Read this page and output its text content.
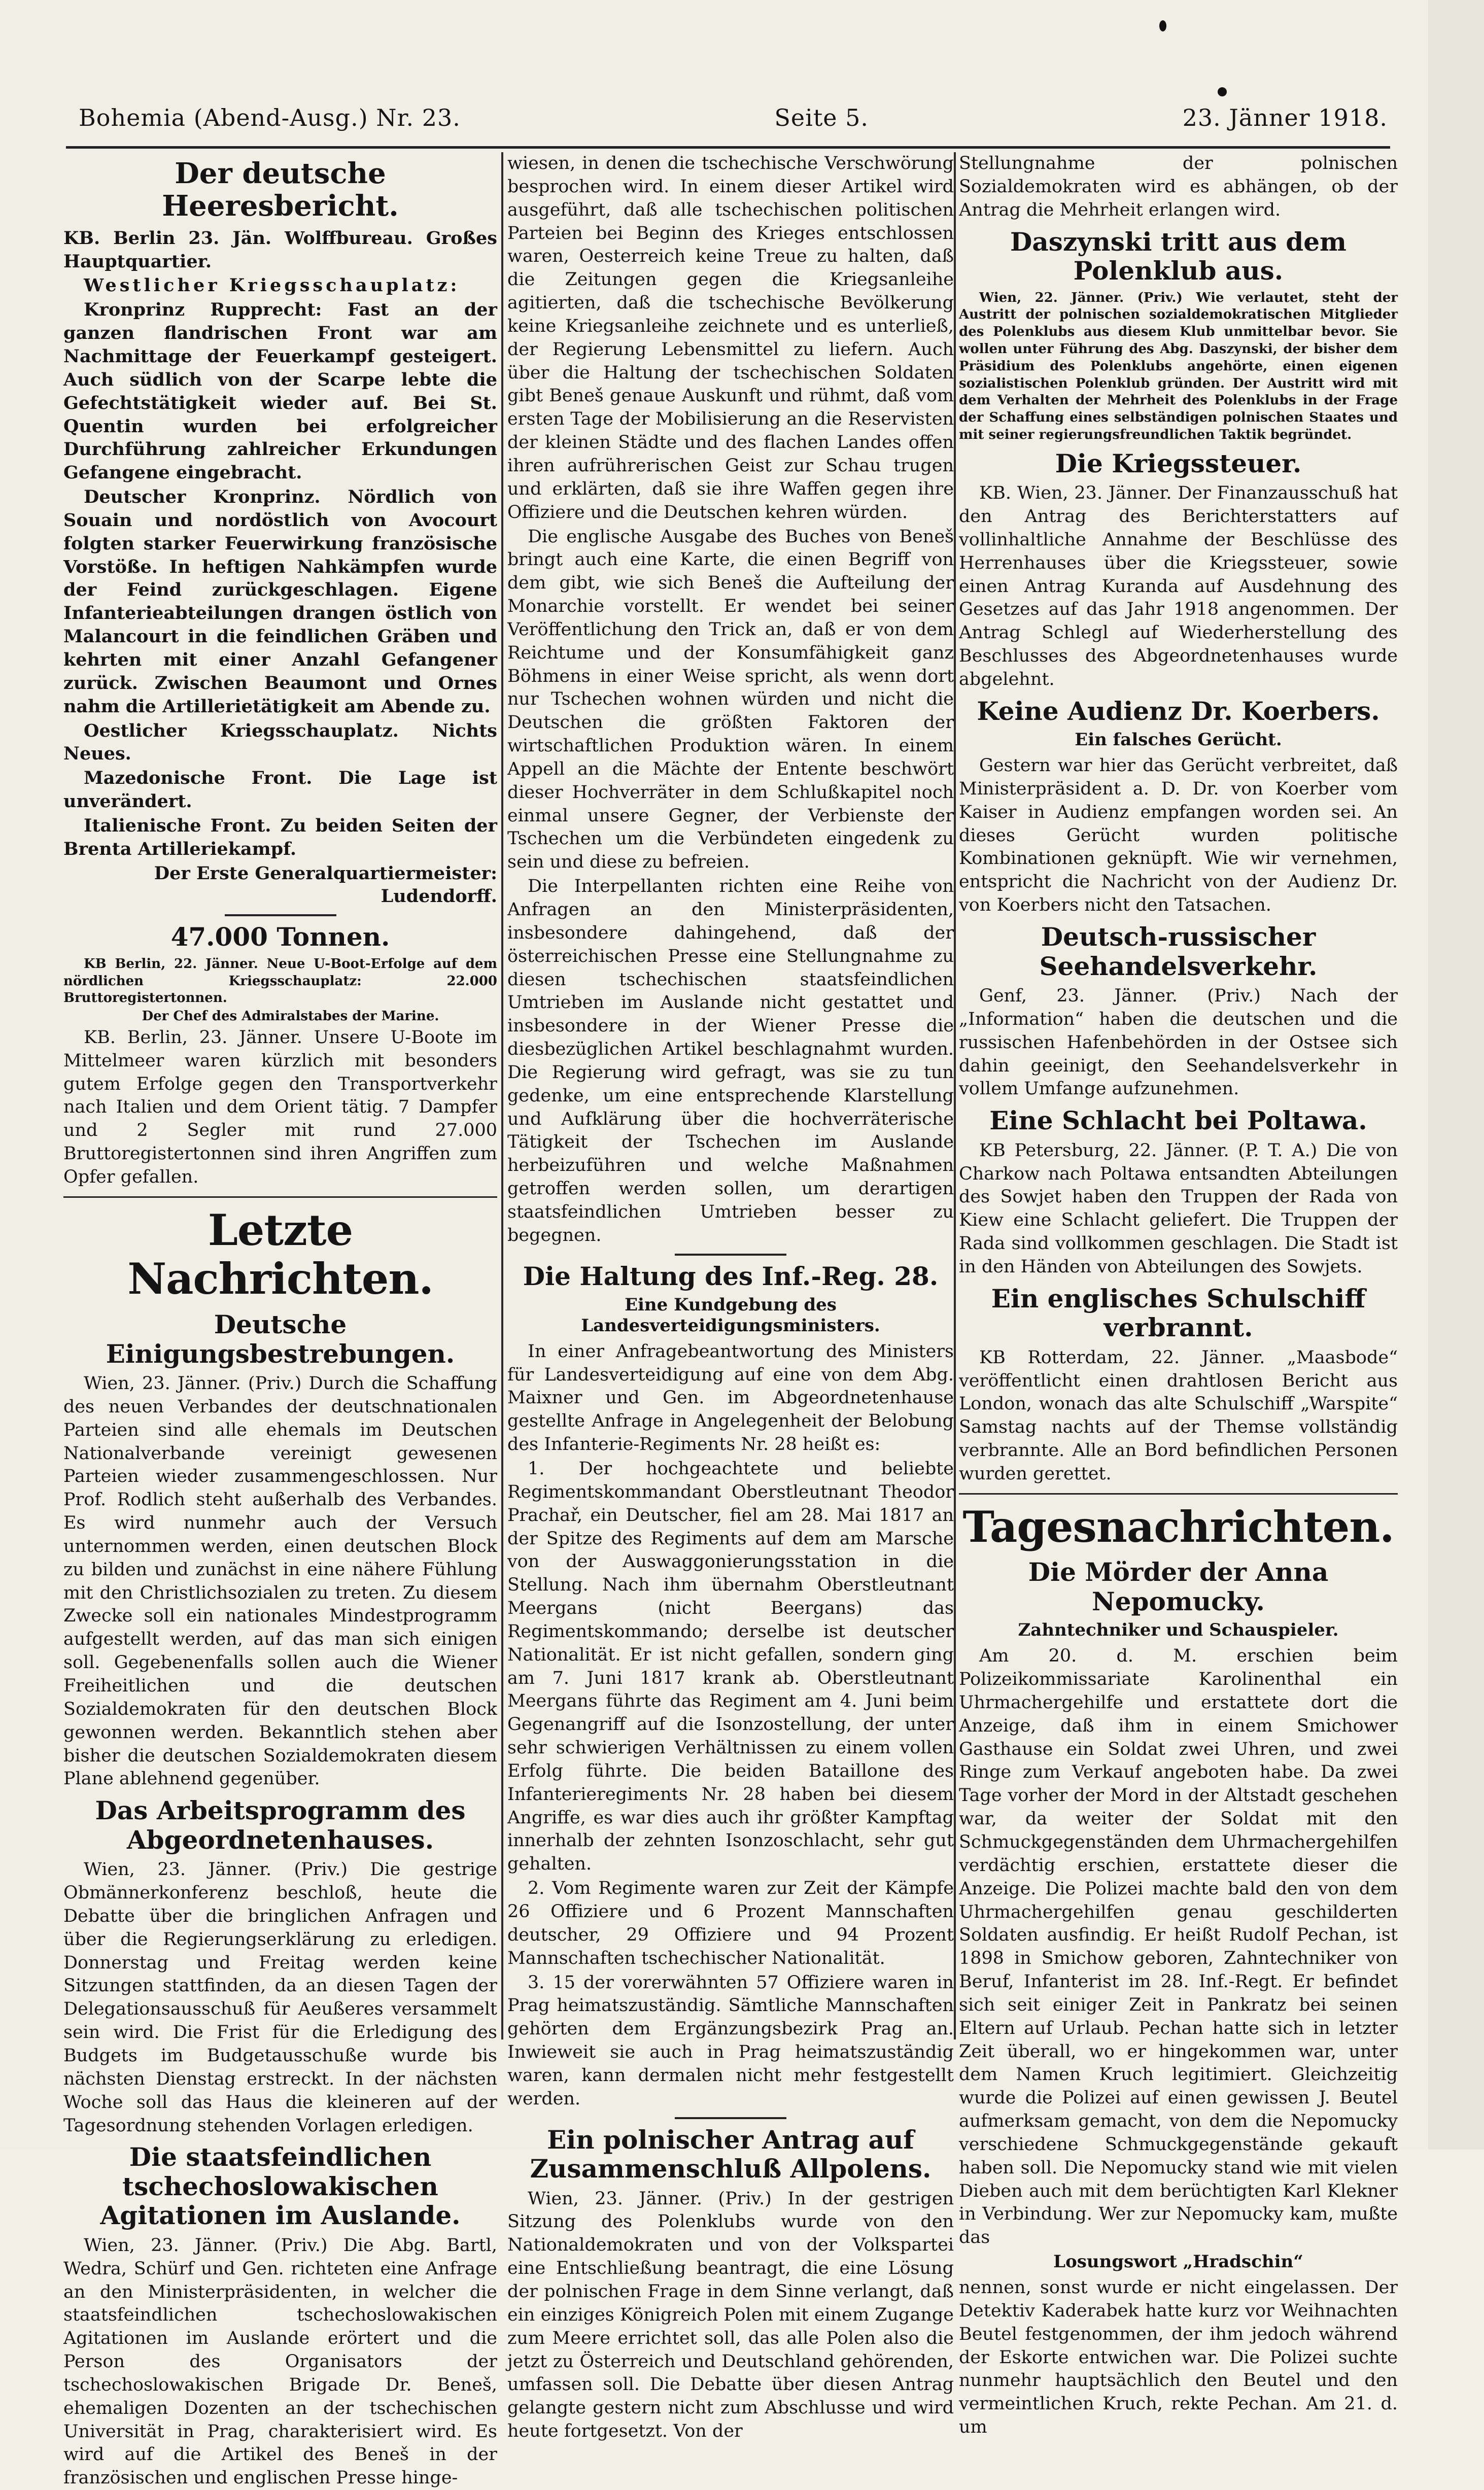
Bohemia (Abend-Ausg.) Nr. 23.	Seite 5.	23. Jänner 1918.
Der deutsche Heeresbericht.

KB. Berlin 23. Jän. Wolffbureau. Großes Hauptquartier.

Westlicher Kriegsschauplatz:

Kronprinz Rupprecht: Fast an der ganzen flandrischen Front war am Nachmittage der Feuerkampf gesteigert. Auch südlich von der Scarpe lebte die Gefechtstätigkeit wieder auf. Bei St. Quentin wurden bei erfolgreicher Durchführung zahlreicher Erkundungen Gefangene eingebracht.

Deutscher Kronprinz. Nördlich von Souain und nordöstlich von Avocourt folgten starker Feuerwirkung französische Vorstöße. In heftigen Nahkämpfen wurde der Feind zurückgeschlagen. Eigene Infanterieabteilungen drangen östlich von Malancourt in die feindlichen Gräben und kehrten mit einer Anzahl Gefangener zurück. Zwischen Beaumont und Ornes nahm die Artillerietätigkeit am Abende zu.

Oestlicher Kriegsschauplatz. Nichts Neues.

Mazedonische Front. Die Lage ist unverändert.

Italienische Front. Zu beiden Seiten der Brenta Artilleriekampf.

Der Erste Generalquartiermeister: Ludendorff.

47.000 Tonnen.

KB Berlin, 22. Jänner. Neue U-Boot-Erfolge auf dem nördlichen Kriegsschauplatz: 22.000 Bruttoregistertonnen.

Der Chef des Admiralstabes der Marine.

KB. Berlin, 23. Jänner. Unsere U-Boote im Mittelmeer waren kürzlich mit besonders gutem Erfolge gegen den Transportverkehr nach Italien und dem Orient tätig. 7 Dampfer und 2 Segler mit rund 27.000 Bruttoregistertonnen sind ihren Angriffen zum Opfer gefallen.

Letzte Nachrichten.
Deutsche Einigungsbestrebungen.

Wien, 23. Jänner. (Priv.) Durch die Schaffung des neuen Verbandes der deutschnationalen Parteien sind alle ehemals im Deutschen Nationalverbande vereinigt gewesenen Parteien wieder zusammengeschlossen. Nur Prof. Rodlich steht außerhalb des Verbandes. Es wird nunmehr auch der Versuch unternommen werden, einen deutschen Block zu bilden und zunächst in eine nähere Fühlung mit den Christlichsozialen zu treten. Zu diesem Zwecke soll ein nationales Mindestprogramm aufgestellt werden, auf das man sich einigen soll. Gegebenenfalls sollen auch die Wiener Freiheitlichen und die deutschen Sozialdemokraten für den deutschen Block gewonnen werden. Bekanntlich stehen aber bisher die deutschen Sozialdemokraten diesem Plane ablehnend gegenüber.

Das Arbeitsprogramm des Abgeordnetenhauses.

Wien, 23. Jänner. (Priv.) Die gestrige Obmännerkonferenz beschloß, heute die Debatte über die bringlichen Anfragen und über die Regierungserklärung zu erledigen. Donnerstag und Freitag werden keine Sitzungen stattfinden, da an diesen Tagen der Delegationsausschuß für Aeußeres versammelt sein wird. Die Frist für die Erledigung des Budgets im Budgetausschuße wurde bis nächsten Dienstag erstreckt. In der nächsten Woche soll das Haus die kleineren auf der Tagesordnung stehenden Vorlagen erledigen.

Die staatsfeindlichen tschechoslowakischen Agitationen im Auslande.

Wien, 23. Jänner. (Priv.) Die Abg. Bartl, Wedra, Schürf und Gen. richteten eine Anfrage an den Ministerpräsidenten, in welcher die staatsfeindlichen tschechoslowakischen Agitationen im Auslande erörtert und die Person des Organisators der tschechoslowakischen Brigade Dr. Beneš, ehemaligen Dozenten an der tschechischen Universität in Prag, charakterisiert wird. Es wird auf die Artikel des Beneš in der französischen und englischen Presse hinge-

wiesen, in denen die tschechische Verschwörung besprochen wird. In einem dieser Artikel wird ausgeführt, daß alle tschechischen politischen Parteien bei Beginn des Krieges entschlossen waren, Oesterreich keine Treue zu halten, daß die Zeitungen gegen die Kriegsanleihe agitierten, daß die tschechische Bevölkerung keine Kriegsanleihe zeichnete und es unterließ, der Regierung Lebensmittel zu liefern. Auch über die Haltung der tschechischen Soldaten gibt Beneš genaue Auskunft und rühmt, daß vom ersten Tage der Mobilisierung an die Reservisten der kleinen Städte und des flachen Landes offen ihren aufrührerischen Geist zur Schau trugen und erklärten, daß sie ihre Waffen gegen ihre Offiziere und die Deutschen kehren würden.

Die englische Ausgabe des Buches von Beneš bringt auch eine Karte, die einen Begriff von dem gibt, wie sich Beneš die Aufteilung der Monarchie vorstellt. Er wendet bei seiner Veröffentlichung den Trick an, daß er von dem Reichtume und der Konsumfähigkeit ganz Böhmens in einer Weise spricht, als wenn dort nur Tschechen wohnen würden und nicht die Deutschen die größten Faktoren der wirtschaftlichen Produktion wären. In einem Appell an die Mächte der Entente beschwört dieser Hochverräter in dem Schlußkapitel noch einmal unsere Gegner, der Verbienste der Tschechen um die Verbündeten eingedenk zu sein und diese zu befreien.

Die Interpellanten richten eine Reihe von Anfragen an den Ministerpräsidenten, insbesondere dahingehend, daß der österreichischen Presse eine Stellungnahme zu diesen tschechischen staatsfeindlichen Umtrieben im Auslande nicht gestattet und insbesondere in der Wiener Presse die diesbezüglichen Artikel beschlagnahmt wurden. Die Regierung wird gefragt, was sie zu tun gedenke, um eine entsprechende Klarstellung und Aufklärung über die hochverräterische Tätigkeit der Tschechen im Auslande herbeizuführen und welche Maßnahmen getroffen werden sollen, um derartigen staatsfeindlichen Umtrieben besser zu begegnen.

Die Haltung des Inf.-Reg. 28.
Eine Kundgebung des Landesverteidigungsministers.

In einer Anfragebeantwortung des Ministers für Landesverteidigung auf eine von dem Abg. Maixner und Gen. im Abgeordnetenhause gestellte Anfrage in Angelegenheit der Belobung des Infanterie-Regiments Nr. 28 heißt es:

1. Der hochgeachtete und beliebte Regimentskommandant Oberstleutnant Theodor Prachař, ein Deutscher, fiel am 28. Mai 1817 an der Spitze des Regiments auf dem am Marsche von der Auswaggonierungsstation in die Stellung. Nach ihm übernahm Oberstleutnant Meergans (nicht Beergans) das Regimentskommando; derselbe ist deutscher Nationalität. Er ist nicht gefallen, sondern ging am 7. Juni 1817 krank ab. Oberstleutnant Meergans führte das Regiment am 4. Juni beim Gegenangriff auf die Isonzostellung, der unter sehr schwierigen Verhältnissen zu einem vollen Erfolg führte. Die beiden Bataillone des Infanterieregiments Nr. 28 haben bei diesem Angriffe, es war dies auch ihr größter Kampftag innerhalb der zehnten Isonzoschlacht, sehr gut gehalten.

2. Vom Regimente waren zur Zeit der Kämpfe 26 Offiziere und 6 Prozent Mannschaften deutscher, 29 Offiziere und 94 Prozent Mannschaften tschechischer Nationalität.

3. 15 der vorerwähnten 57 Offiziere waren in Prag heimatszuständig. Sämtliche Mannschaften gehörten dem Ergänzungsbezirk Prag an. Inwieweit sie auch in Prag heimatszuständig waren, kann dermalen nicht mehr festgestellt werden.

Ein polnischer Antrag auf Zusammenschluß Allpolens.

Wien, 23. Jänner. (Priv.) In der gestrigen Sitzung des Polenklubs wurde von den Nationaldemokraten und von der Volkspartei eine Entschließung beantragt, die eine Lösung der polnischen Frage in dem Sinne verlangt, daß ein einziges Königreich Polen mit einem Zugange zum Meere errichtet soll, das alle Polen also die jetzt zu Österreich und Deutschland gehörenden, umfassen soll. Die Debatte über diesen Antrag gelangte gestern nicht zum Abschlusse und wird heute fortgesetzt. Von der

Stellungnahme der polnischen Sozialdemokraten wird es abhängen, ob der Antrag die Mehrheit erlangen wird.

Daszynski tritt aus dem Polenklub aus.

Wien, 22. Jänner. (Priv.) Wie verlautet, steht der Austritt der polnischen sozialdemokratischen Mitglieder des Polenklubs aus diesem Klub unmittelbar bevor. Sie wollen unter Führung des Abg. Daszynski, der bisher dem Präsidium des Polenklubs angehörte, einen eigenen sozialistischen Polenklub gründen. Der Austritt wird mit dem Verhalten der Mehrheit des Polenklubs in der Frage der Schaffung eines selbständigen polnischen Staates und mit seiner regierungsfreundlichen Taktik begründet.

Die Kriegssteuer.

KB. Wien, 23. Jänner. Der Finanzausschuß hat den Antrag des Berichterstatters auf vollinhaltliche Annahme der Beschlüsse des Herrenhauses über die Kriegssteuer, sowie einen Antrag Kuranda auf Ausdehnung des Gesetzes auf das Jahr 1918 angenommen. Der Antrag Schlegl auf Wiederherstellung des Beschlusses des Abgeordnetenhauses wurde abgelehnt.

Keine Audienz Dr. Koerbers.
Ein falsches Gerücht.

Gestern war hier das Gerücht verbreitet, daß Ministerpräsident a. D. Dr. von Koerber vom Kaiser in Audienz empfangen worden sei. An dieses Gerücht wurden politische Kombinationen geknüpft. Wie wir vernehmen, entspricht die Nachricht von der Audienz Dr. von Koerbers nicht den Tatsachen.

Deutsch-russischer Seehandelsverkehr.

Genf, 23. Jänner. (Priv.) Nach der „Information“ haben die deutschen und die russischen Hafenbehörden in der Ostsee sich dahin geeinigt, den Seehandelsverkehr in vollem Umfange aufzunehmen.

Eine Schlacht bei Poltawa.

KB Petersburg, 22. Jänner. (P. T. A.) Die von Charkow nach Poltawa entsandten Abteilungen des Sowjet haben den Truppen der Rada von Kiew eine Schlacht geliefert. Die Truppen der Rada sind vollkommen geschlagen. Die Stadt ist in den Händen von Abteilungen des Sowjets.

Ein englisches Schulschiff verbrannt.

KB Rotterdam, 22. Jänner. „Maasbode“ veröffentlicht einen drahtlosen Bericht aus London, wonach das alte Schulschiff „Warspite“ Samstag nachts auf der Themse vollständig verbrannte. Alle an Bord befindlichen Personen wurden gerettet.

Tagesnachrichten.
Die Mörder der Anna Nepomucky.
Zahntechniker und Schauspieler.

Am 20. d. M. erschien beim Polizeikommissariate Karolinenthal ein Uhrmachergehilfe und erstattete dort die Anzeige, daß ihm in einem Smichower Gasthause ein Soldat zwei Uhren, und zwei Ringe zum Verkauf angeboten habe. Da zwei Tage vorher der Mord in der Altstadt geschehen war, da weiter der Soldat mit den Schmuckgegenständen dem Uhrmachergehilfen verdächtig erschien, erstattete dieser die Anzeige. Die Polizei machte bald den von dem Uhrmachergehilfen genau geschilderten Soldaten ausfindig. Er heißt Rudolf Pechan, ist 1898 in Smichow geboren, Zahntechniker von Beruf, Infanterist im 28. Inf.-Regt. Er befindet sich seit einiger Zeit in Pankratz bei seinen Eltern auf Urlaub. Pechan hatte sich in letzter Zeit überall, wo er hingekommen war, unter dem Namen Kruch legitimiert. Gleichzeitig wurde die Polizei auf einen gewissen J. Beutel aufmerksam gemacht, von dem die Nepomucky verschiedene Schmuckgegenstände gekauft haben soll. Die Nepomucky stand wie mit vielen Dieben auch mit dem berüchtigten Karl Klekner in Verbindung. Wer zur Nepomucky kam, mußte das

Losungswort „Hradschin“

nennen, sonst wurde er nicht eingelassen. Der Detektiv Kaderabek hatte kurz vor Weihnachten Beutel festgenommen, der ihm jedoch während der Eskorte entwichen war. Die Polizei suchte nunmehr hauptsächlich den Beutel und den vermeintlichen Kruch, rekte Pechan. Am 21. d. um
